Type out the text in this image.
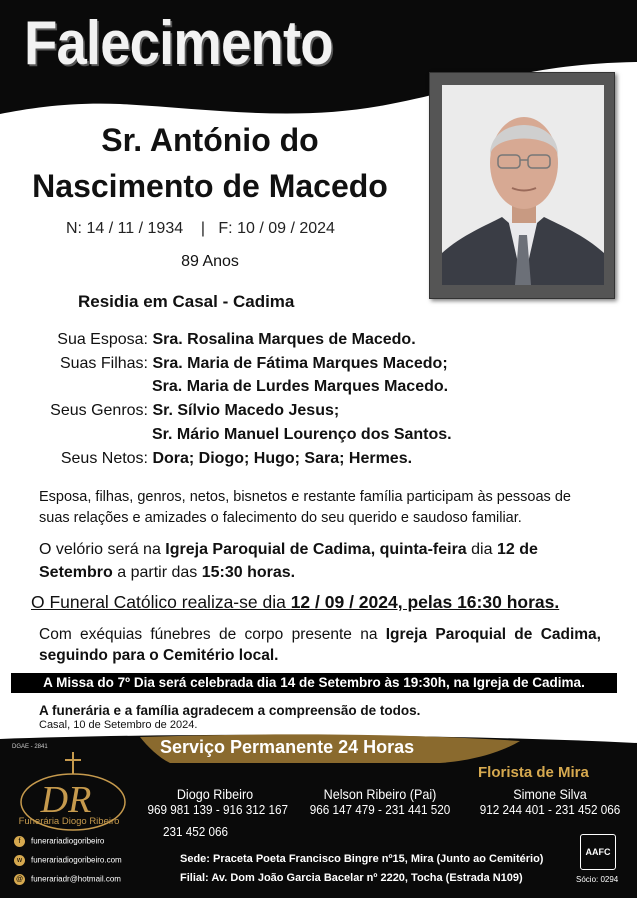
Falecimento
Sr. António do
Nascimento de Macedo
N: 14 / 11 / 1934 | F: 10 / 09 / 2024
89 Anos
Residia em Casal - Cadima
Sua Esposa: Sra. Rosalina Marques de Macedo.
Suas Filhas: Sra. Maria de Fátima Marques Macedo;
Sra. Maria de Lurdes Marques Macedo.
Seus Genros: Sr. Sílvio Macedo Jesus;
Sr. Mário Manuel Lourenço dos Santos.
Seus Netos: Dora; Diogo; Hugo; Sara; Hermes.
Esposa, filhas, genros, netos, bisnetos e restante família participam às pessoas de suas relações e amizades o falecimento do seu querido e saudoso familiar.
O velório será na Igreja Paroquial de Cadima, quinta-feira dia 12 de Setembro a partir das 15:30 horas.
O Funeral Católico realiza-se dia 12 / 09 / 2024, pelas 16:30 horas.
Com exéquias fúnebres de corpo presente na Igreja Paroquial de Cadima, seguindo para o Cemitério local.
A Missa do 7º Dia será celebrada dia 14 de Setembro às 19:30h, na Igreja de Cadima.
A funerária e a família agradecem a compreensão de todos.
Casal, 10 de Setembro de 2024.
DGAE - 2841	Serviço Permanente 24 Horas
DR
Funerária Diogo Ribeiro
f funerariadiogoribeiro
w funerariadiogoribeiro.com
@ funerariadr@hotmail.com
Florista de Mira
Diogo Ribeiro
969 981 139 - 916 312 167
231 452 066
Nelson Ribeiro (Pai)
966 147 479 - 231 441 520
Simone Silva
912 244 401 - 231 452 066
Sede: Praceta Poeta Francisco Bingre nº15, Mira (Junto ao Cemitério)
Filial: Av. Dom João Garcia Bacelar nº 2220, Tocha (Estrada N109)
AAFC
Sócio: 0294
